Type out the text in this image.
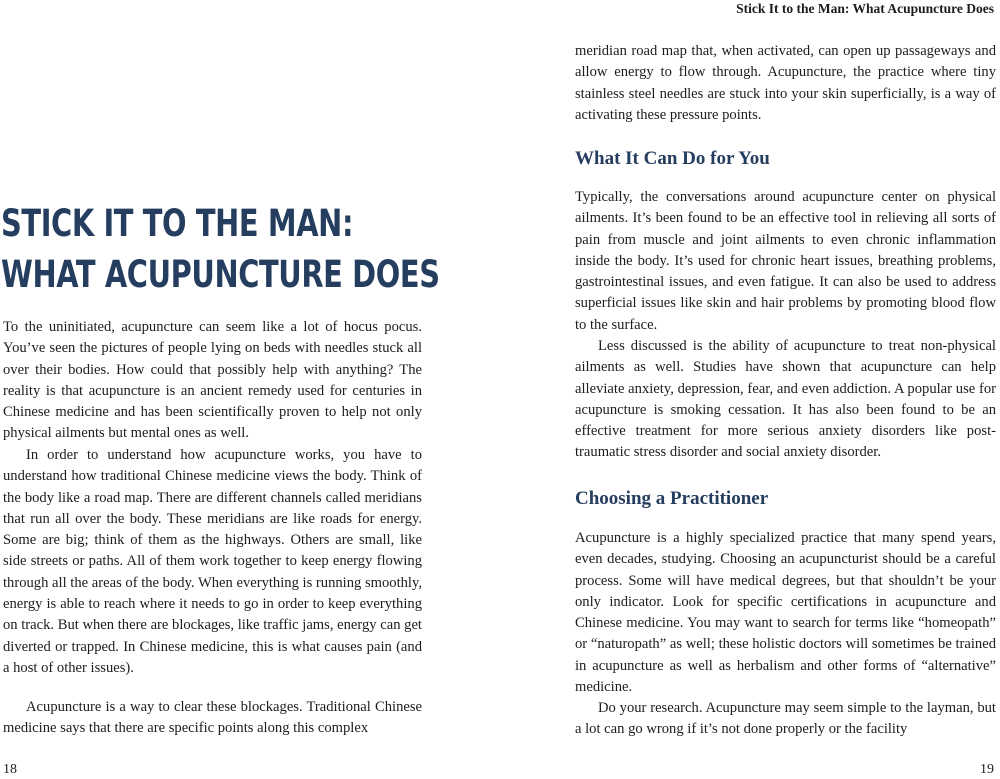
STICK IT TO THE MAN:
WHAT ACUPUNCTURE DOES

To the uninitiated, acupuncture can seem like a lot of hocus pocus. You’ve seen the pictures of people lying on beds with needles stuck all over their bodies. How could that possibly help with anything? The reality is that acupuncture is an ancient remedy used for centuries in Chinese medicine and has been scientifically proven to help not only physical ailments but mental ones as well.

In order to understand how acupuncture works, you have to understand how traditional Chinese medicine views the body. Think of the body like a road map. There are different channels called meridians that run all over the body. These meridians are like roads for energy. Some are big; think of them as the highways. Others are small, like side streets or paths. All of them work together to keep energy flowing through all the areas of the body. When everything is running smoothly, energy is able to reach where it needs to go in order to keep everything on track. But when there are blockages, like traffic jams, energy can get diverted or trapped. In Chinese medicine, this is what causes pain (and a host of other issues).

Acupuncture is a way to clear these blockages. Traditional Chinese medicine says that there are specific points along this complex

18
Stick It to the Man: What Acupuncture Does

meridian road map that, when activated, can open up passageways and allow energy to flow through. Acupuncture, the practice where tiny stainless steel needles are stuck into your skin superficially, is a way of activating these pressure points.

What It Can Do for You

Typically, the conversations around acupuncture center on physical ailments. It’s been found to be an effective tool in relieving all sorts of pain from muscle and joint ailments to even chronic inflammation inside the body. It’s used for chronic heart issues, breathing problems, gastrointestinal issues, and even fatigue. It can also be used to address superficial issues like skin and hair problems by promoting blood flow to the surface.

Less discussed is the ability of acupuncture to treat non-physical ailments as well. Studies have shown that acupuncture can help alleviate anxiety, depression, fear, and even addiction. A popular use for acupuncture is smoking cessation. It has also been found to be an effective treatment for more serious anxiety disorders like post-traumatic stress disorder and social anxiety disorder.

Choosing a Practitioner

Acupuncture is a highly specialized practice that many spend years, even decades, studying. Choosing an acupuncturist should be a careful process. Some will have medical degrees, but that shouldn’t be your only indicator. Look for specific certifications in acupuncture and Chinese medicine. You may want to search for terms like “homeopath” or “naturopath” as well; these holistic doctors will sometimes be trained in acupuncture as well as herbalism and other forms of “alternative” medicine.

Do your research. Acupuncture may seem simple to the layman, but a lot can go wrong if it’s not done properly or the facility

19
